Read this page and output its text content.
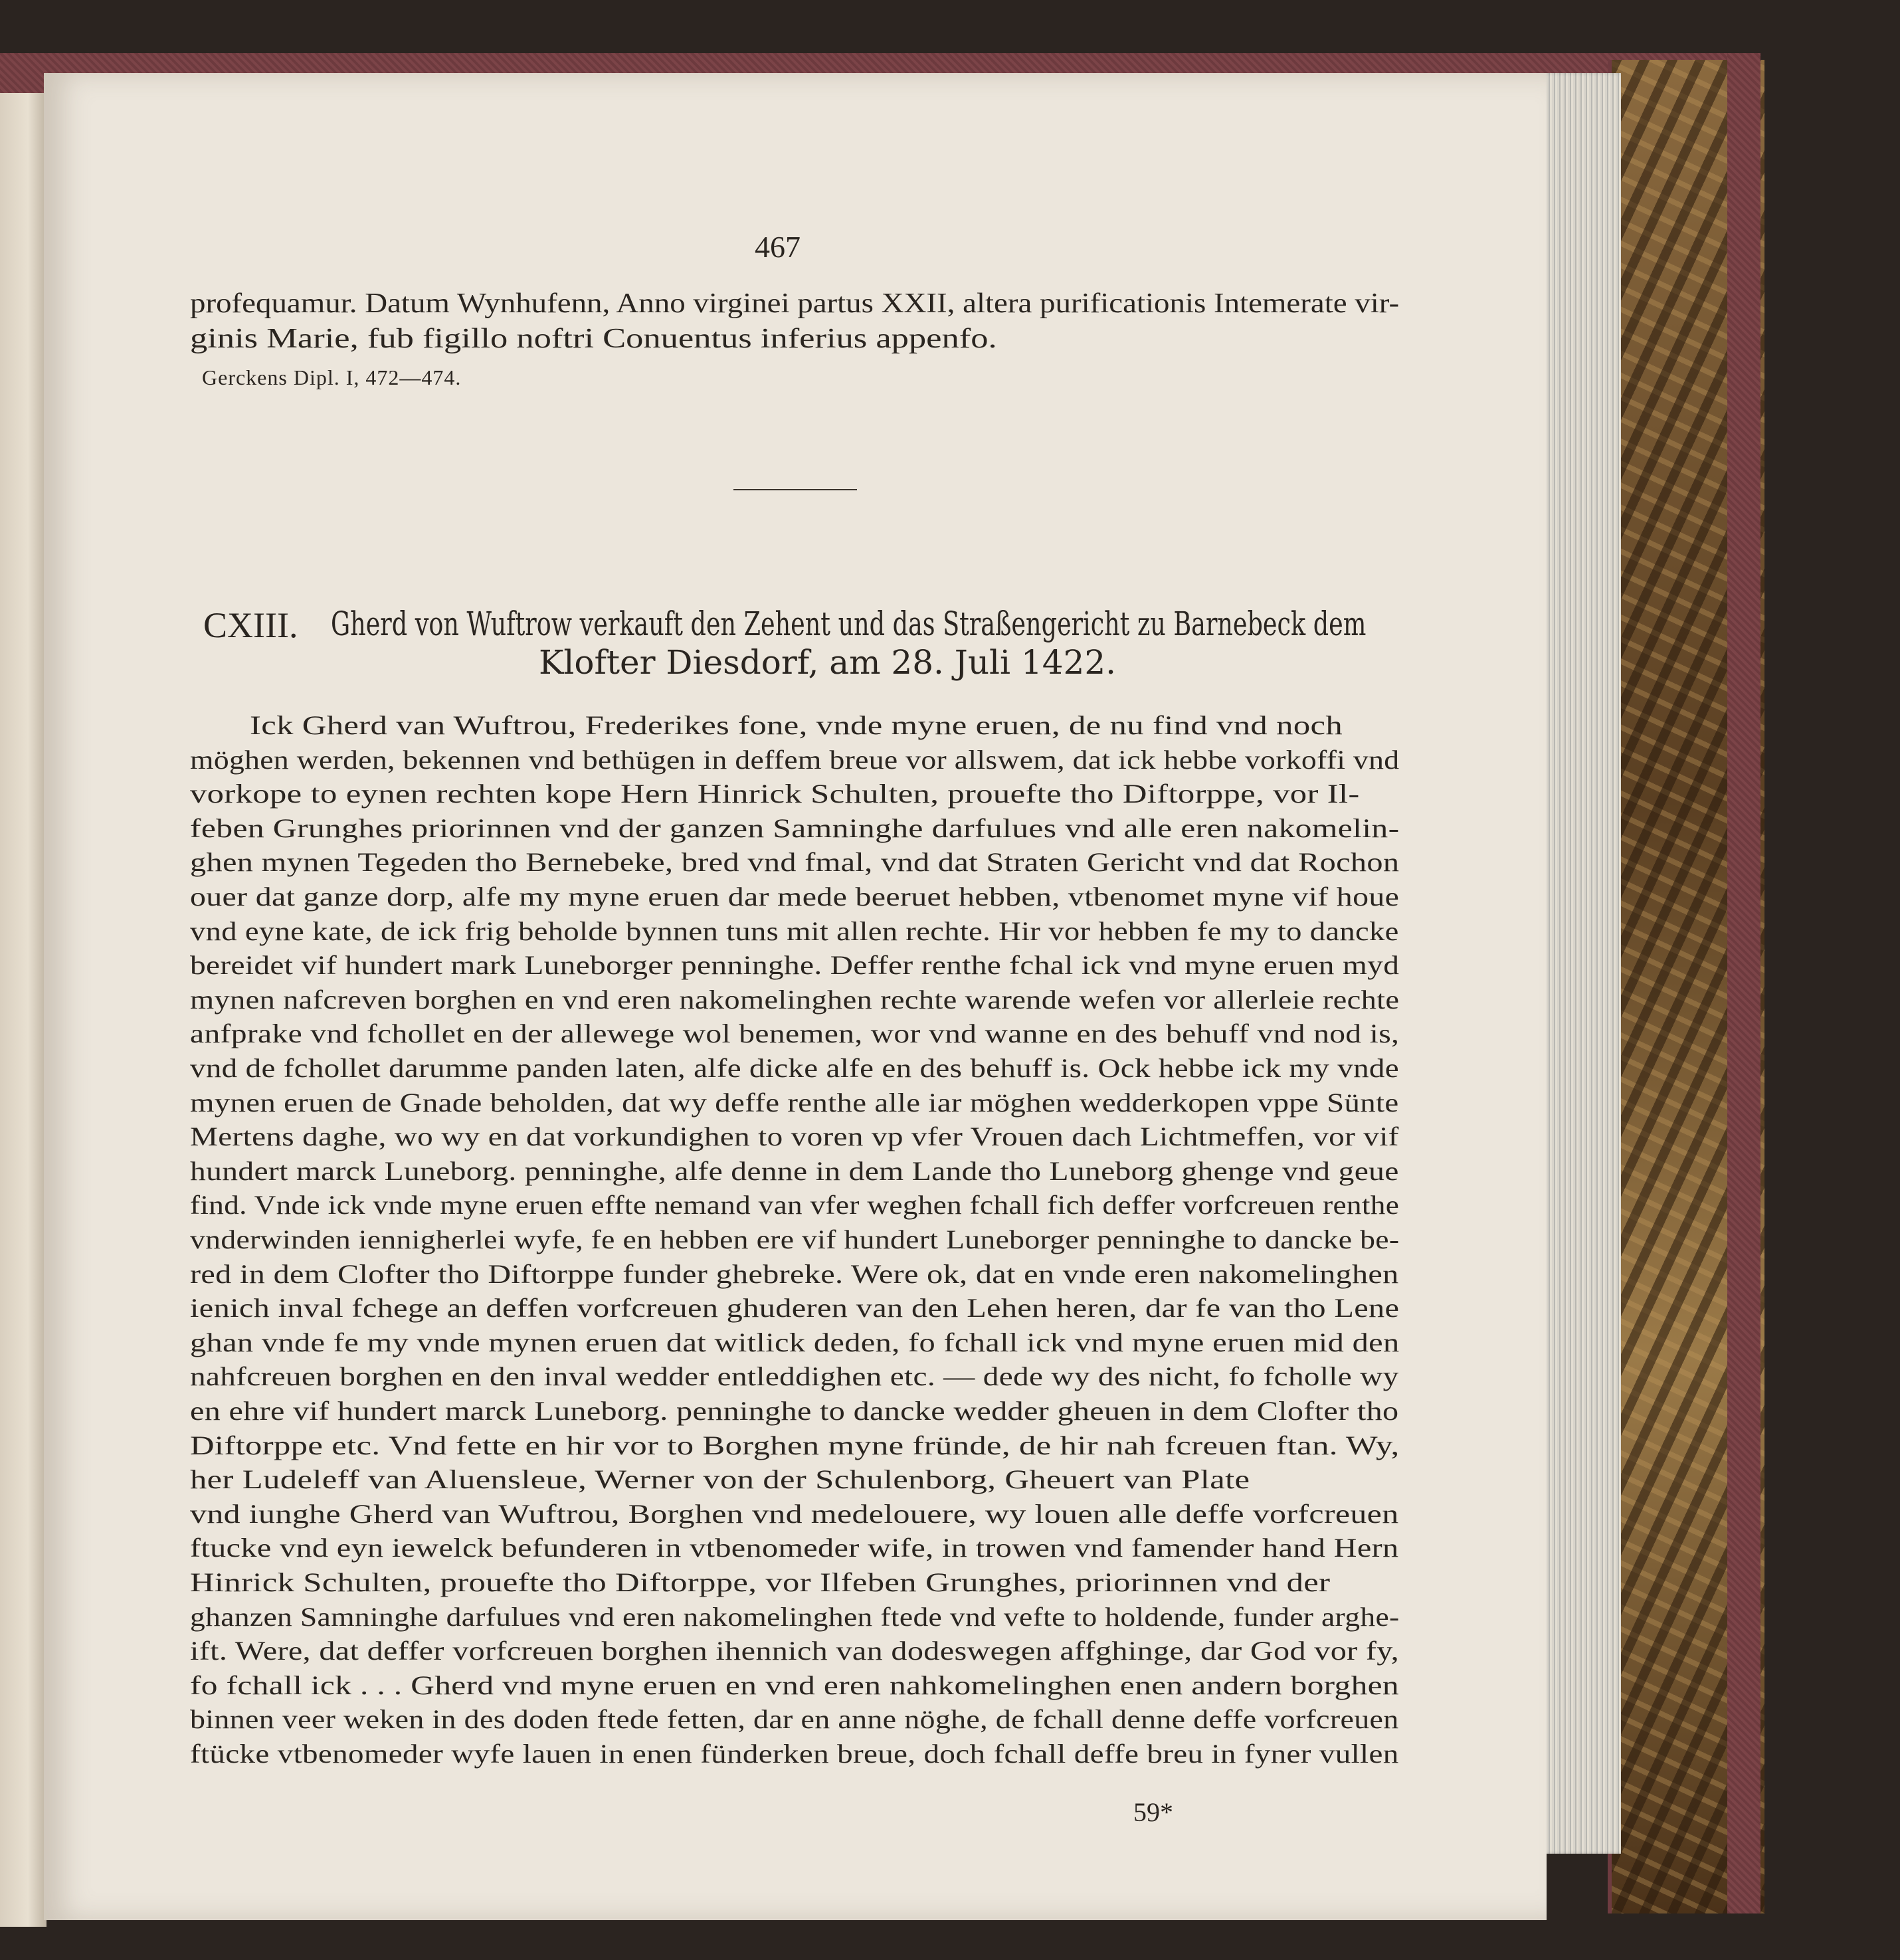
467
profequamur. Datum Wynhufenn, Anno virginei partus XXII, altera purificationis Intemerate vir-
ginis Marie, fub figillo noftri Conuentus inferius appenfo.
Gerckens Dipl. I, 472—474.
CXIII. Gherd von Wuftrow verkauft den Zehent und das Straßengericht zu Barnebeck dem
Klofter Diesdorf, am 28. Juli 1422.
Ick Gherd van Wuftrou, Frederikes fone, vnde myne eruen, de nu find vnd noch
möghen werden, bekennen vnd bethügen in deffem breue vor allswem, dat ick hebbe vorkoffi vnd
vorkope to eynen rechten kope Hern Hinrick Schulten, prouefte tho Diftorppe, vor Il-
feben Grunghes priorinnen vnd der ganzen Samninghe darfulues vnd alle eren nakomelin-
ghen mynen Tegeden tho Bernebeke, bred vnd fmal, vnd dat Straten Gericht vnd dat Rochon
ouer dat ganze dorp, alfe my myne eruen dar mede beeruet hebben, vtbenomet myne vif houe
vnd eyne kate, de ick frig beholde bynnen tuns mit allen rechte. Hir vor hebben fe my to dancke
bereidet vif hundert mark Luneborger penninghe. Deffer renthe fchal ick vnd myne eruen myd
mynen nafcreven borghen en vnd eren nakomelinghen rechte warende wefen vor allerleie rechte
anfprake vnd fchollet en der allewege wol benemen, wor vnd wanne en des behuff vnd nod is,
vnd de fchollet darumme panden laten, alfe dicke alfe en des behuff is. Ock hebbe ick my vnde
mynen eruen de Gnade beholden, dat wy deffe renthe alle iar möghen wedderkopen vppe Sünte
Mertens daghe, wo wy en dat vorkundighen to voren vp vfer Vrouen dach Lichtmeffen, vor vif
hundert marck Luneborg. penninghe, alfe denne in dem Lande tho Luneborg ghenge vnd geue
find. Vnde ick vnde myne eruen effte nemand van vfer weghen fchall fich deffer vorfcreuen renthe
vnderwinden iennigherlei wyfe, fe en hebben ere vif hundert Luneborger penninghe to dancke be-
red in dem Clofter tho Diftorppe funder ghebreke. Were ok, dat en vnde eren nakomelinghen
ienich inval fchege an deffen vorfcreuen ghuderen van den Lehen heren, dar fe van tho Lene
ghan vnde fe my vnde mynen eruen dat witlick deden, fo fchall ick vnd myne eruen mid den
nahfcreuen borghen en den inval wedder entleddighen etc. — dede wy des nicht, fo fcholle wy
en ehre vif hundert marck Luneborg. penninghe to dancke wedder gheuen in dem Clofter tho
Diftorppe etc. Vnd fette en hir vor to Borghen myne fründe, de hir nah fcreuen ftan. Wy,
her Ludeleff van Aluensleue, Werner von der Schulenborg, Gheuert van Plate
vnd iunghe Gherd van Wuftrou, Borghen vnd medelouere, wy louen alle deffe vorfcreuen
ftucke vnd eyn iewelck befunderen in vtbenomeder wife, in trowen vnd famender hand Hern
Hinrick Schulten, prouefte tho Diftorppe, vor Ilfeben Grunghes, priorinnen vnd der
ghanzen Samninghe darfulues vnd eren nakomelinghen ftede vnd vefte to holdende, funder arghe-
ift. Were, dat deffer vorfcreuen borghen ihennich van dodeswegen affghinge, dar God vor fy,
fo fchall ick . . . Gherd vnd myne eruen en vnd eren nahkomelinghen enen andern borghen
binnen veer weken in des doden ftede fetten, dar en anne nöghe, de fchall denne deffe vorfcreuen
ftücke vtbenomeder wyfe lauen in enen fünderken breue, doch fchall deffe breu in fyner vullen
59*
